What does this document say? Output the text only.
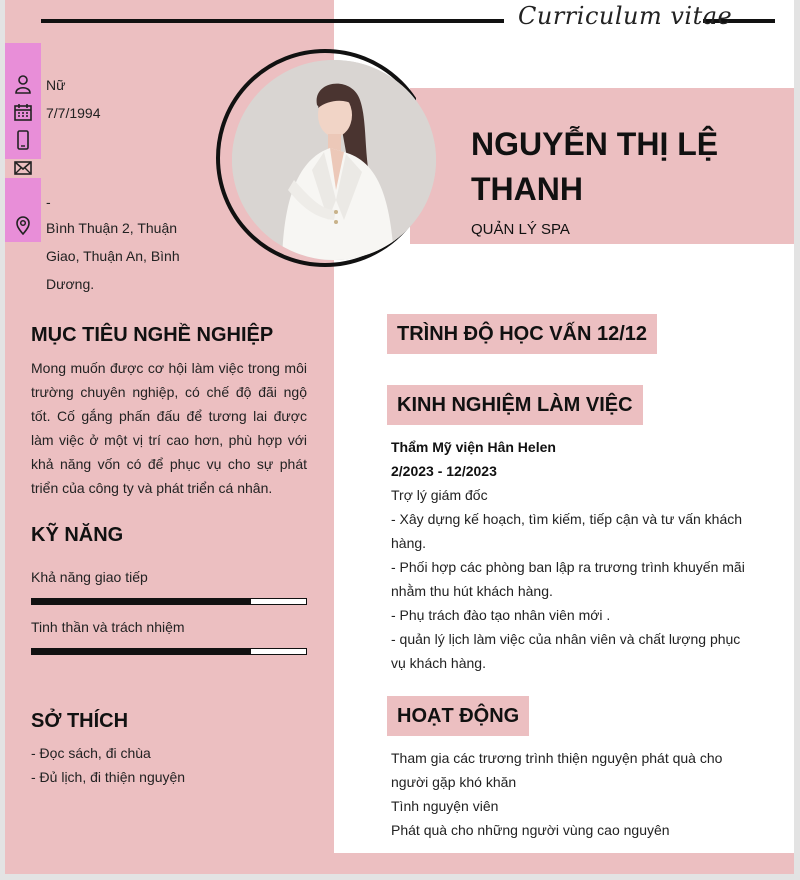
Curriculum vitae
Nữ
7/7/1994
-
Bình Thuận 2, Thuận Giao, Thuận An, Bình Dương.
NGUYỄN THỊ LỆ THANH
QUẢN LÝ SPA
MỤC TIÊU NGHỀ NGHIỆP
Mong muốn được cơ hội làm việc trong môi trường chuyên nghiệp, có chế độ đãi ngộ tốt. Cố gắng phấn đấu để tương lai được làm việc ở một vị trí cao hơn, phù hợp với khả năng vốn có để phục vụ cho sự phát triển của công ty và phát triển cá nhân.
KỸ NĂNG
Khả năng giao tiếp
Tinh thần và trách nhiệm
SỞ THÍCH
- Đọc sách, đi chùa
- Đủ lịch, đi thiện nguyện
TRÌNH ĐỘ HỌC VẤN 12/12
KINH NGHIỆM LÀM VIỆC
Thẩm Mỹ viện Hân Helen
2/2023 - 12/2023
Trợ lý giám đốc
- Xây dựng kế hoạch, tìm kiếm, tiếp cận và tư vấn khách hàng.
- Phối hợp các phòng ban lập ra trương trình khuyến mãi nhằm thu hút khách hàng.
- Phụ trách đào tạo nhân viên mới .
- quản lý lịch làm việc của nhân viên và chất lượng phục vụ khách hàng.
HOẠT ĐỘNG
Tham gia các trương trình thiện nguyện phát quà cho người gặp khó khăn
Tình nguyện viên
Phát quà cho những người vùng cao nguyên
